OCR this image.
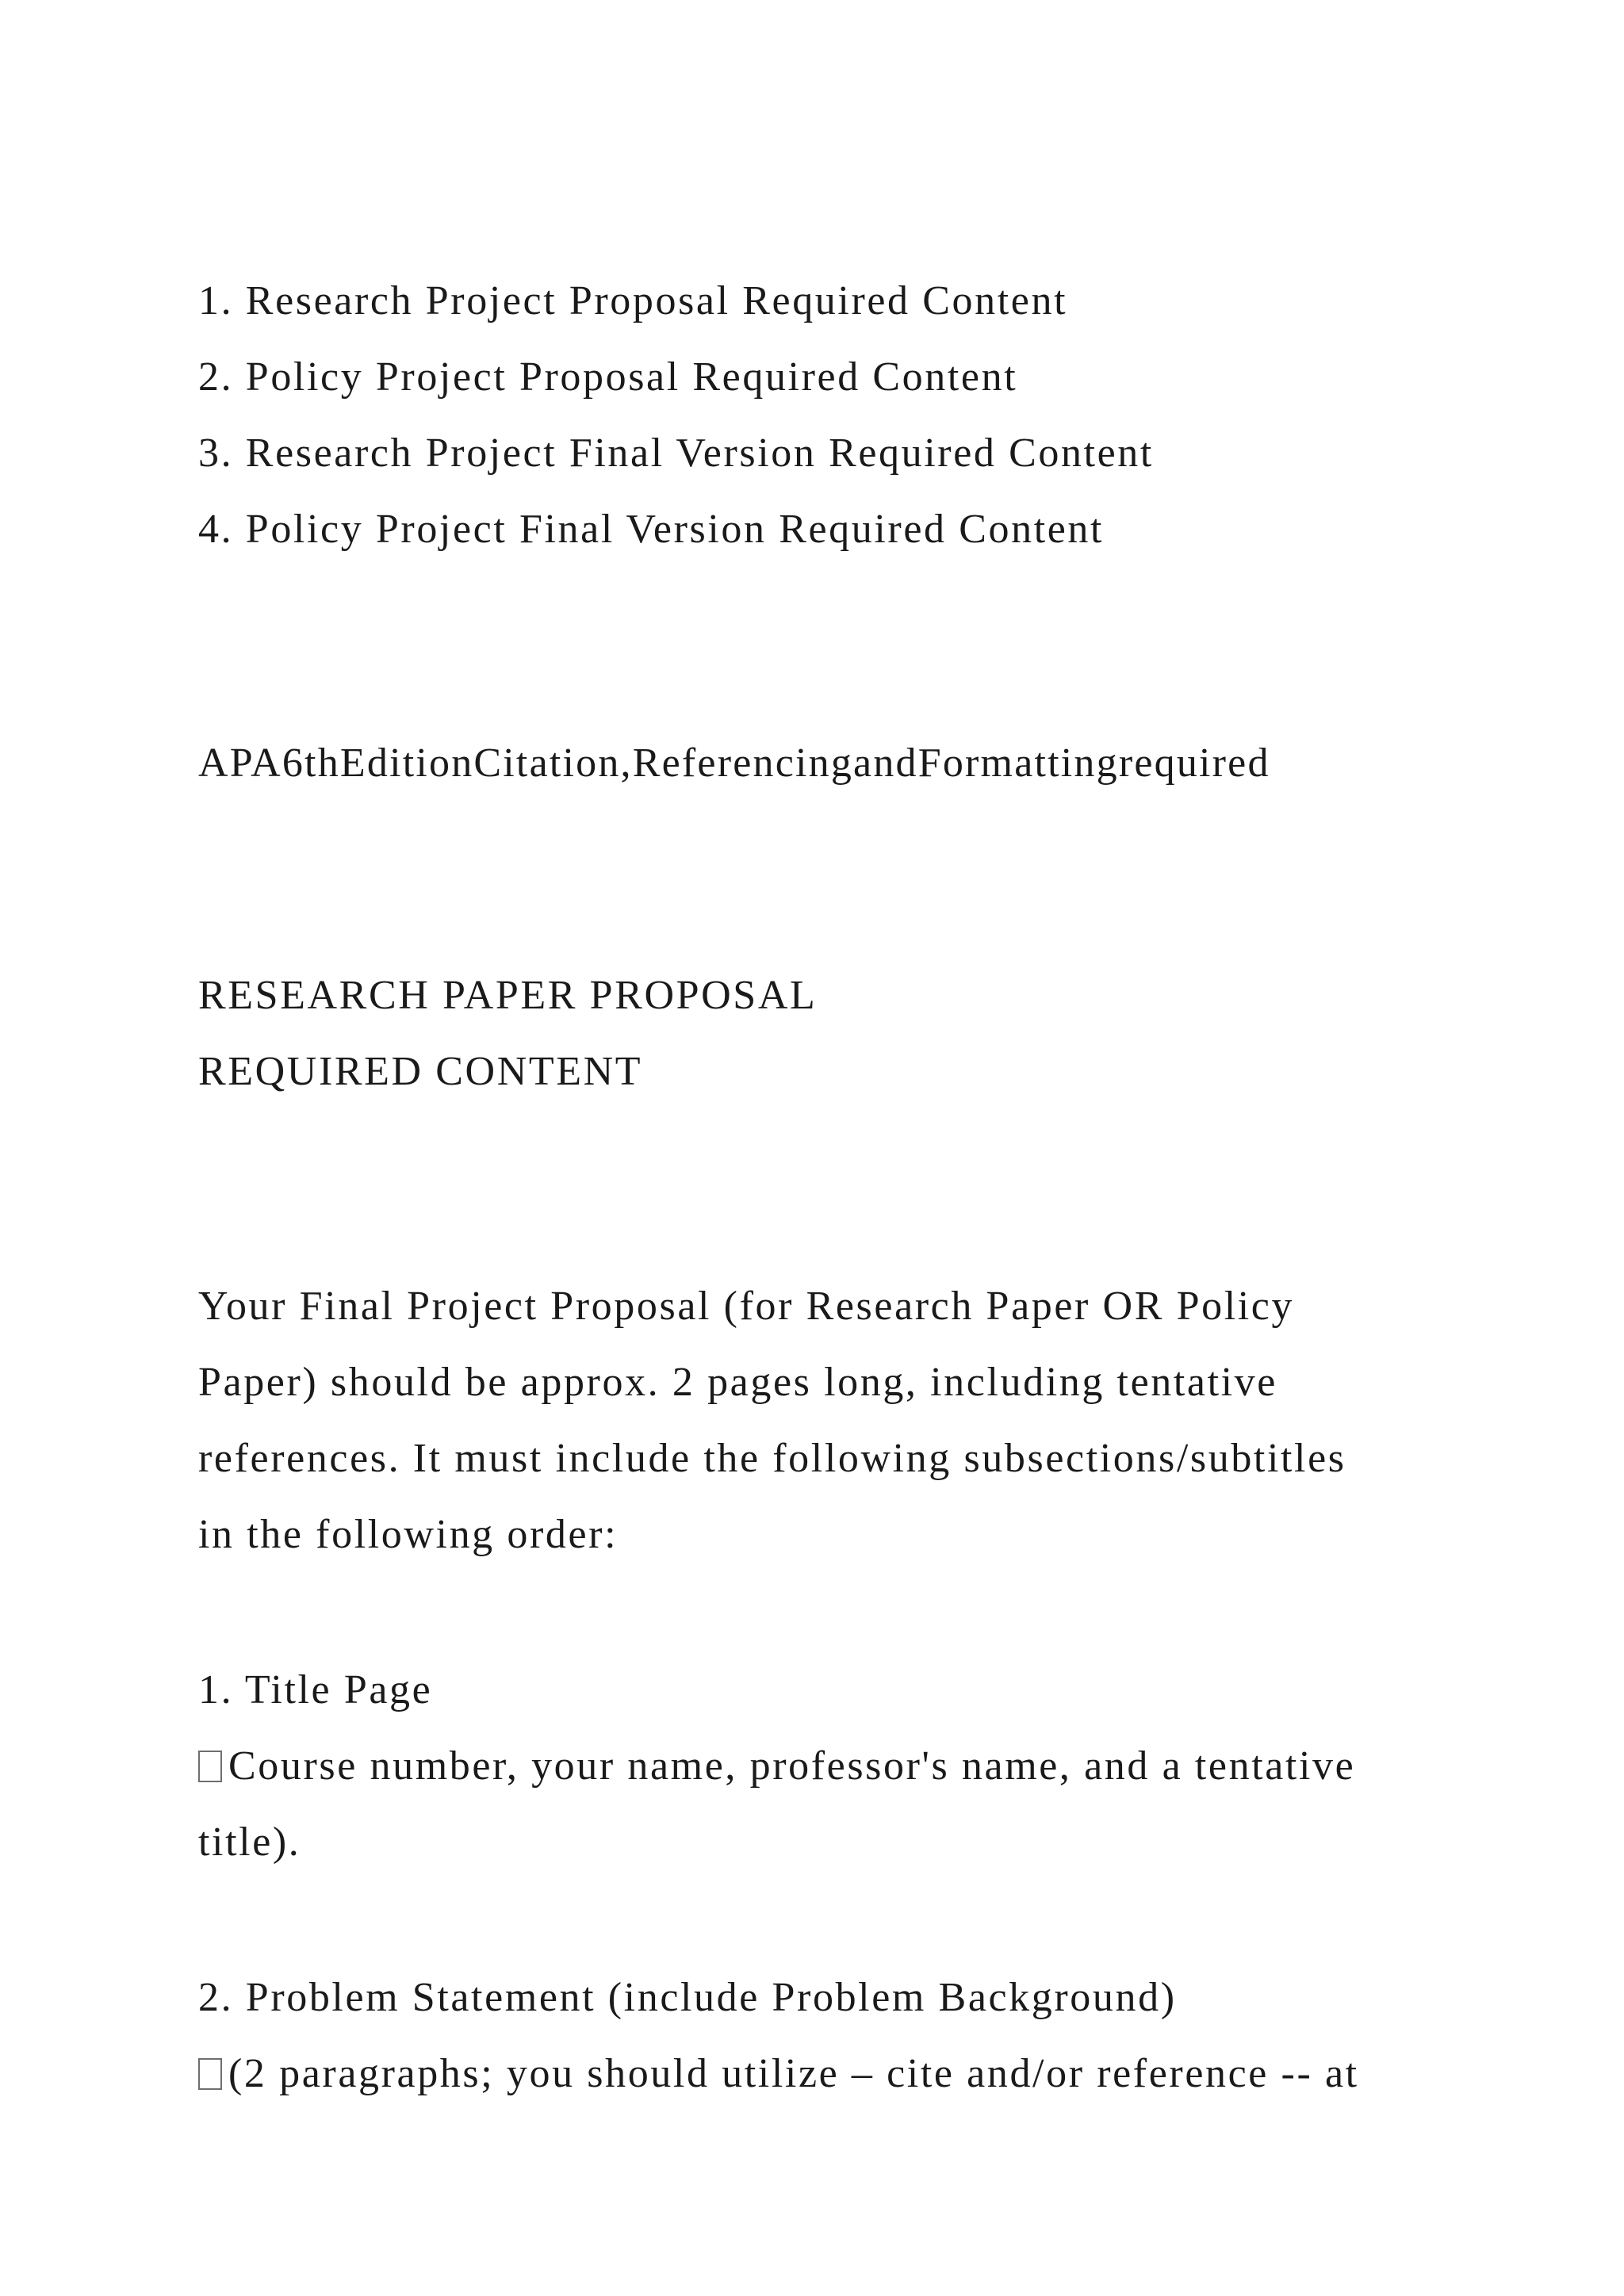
1. Research Project Proposal Required Content
2. Policy Project Proposal Required Content
3. Research Project Final Version Required Content
4. Policy Project Final Version Required Content
APA6thEditionCitation,ReferencingandFormattingrequired
RESEARCH PAPER PROPOSAL
REQUIRED CONTENT
Your Final Project Proposal (for Research Paper OR Policy
Paper) should be approx. 2 pages long, including tentative
references. It must include the following subsections/subtitles
in the following order:
1. Title Page
Course number, your name, professor's name, and a tentative
title).
2. Problem Statement (include Problem Background)
(2 paragraphs; you should utilize – cite and/or reference -- at
